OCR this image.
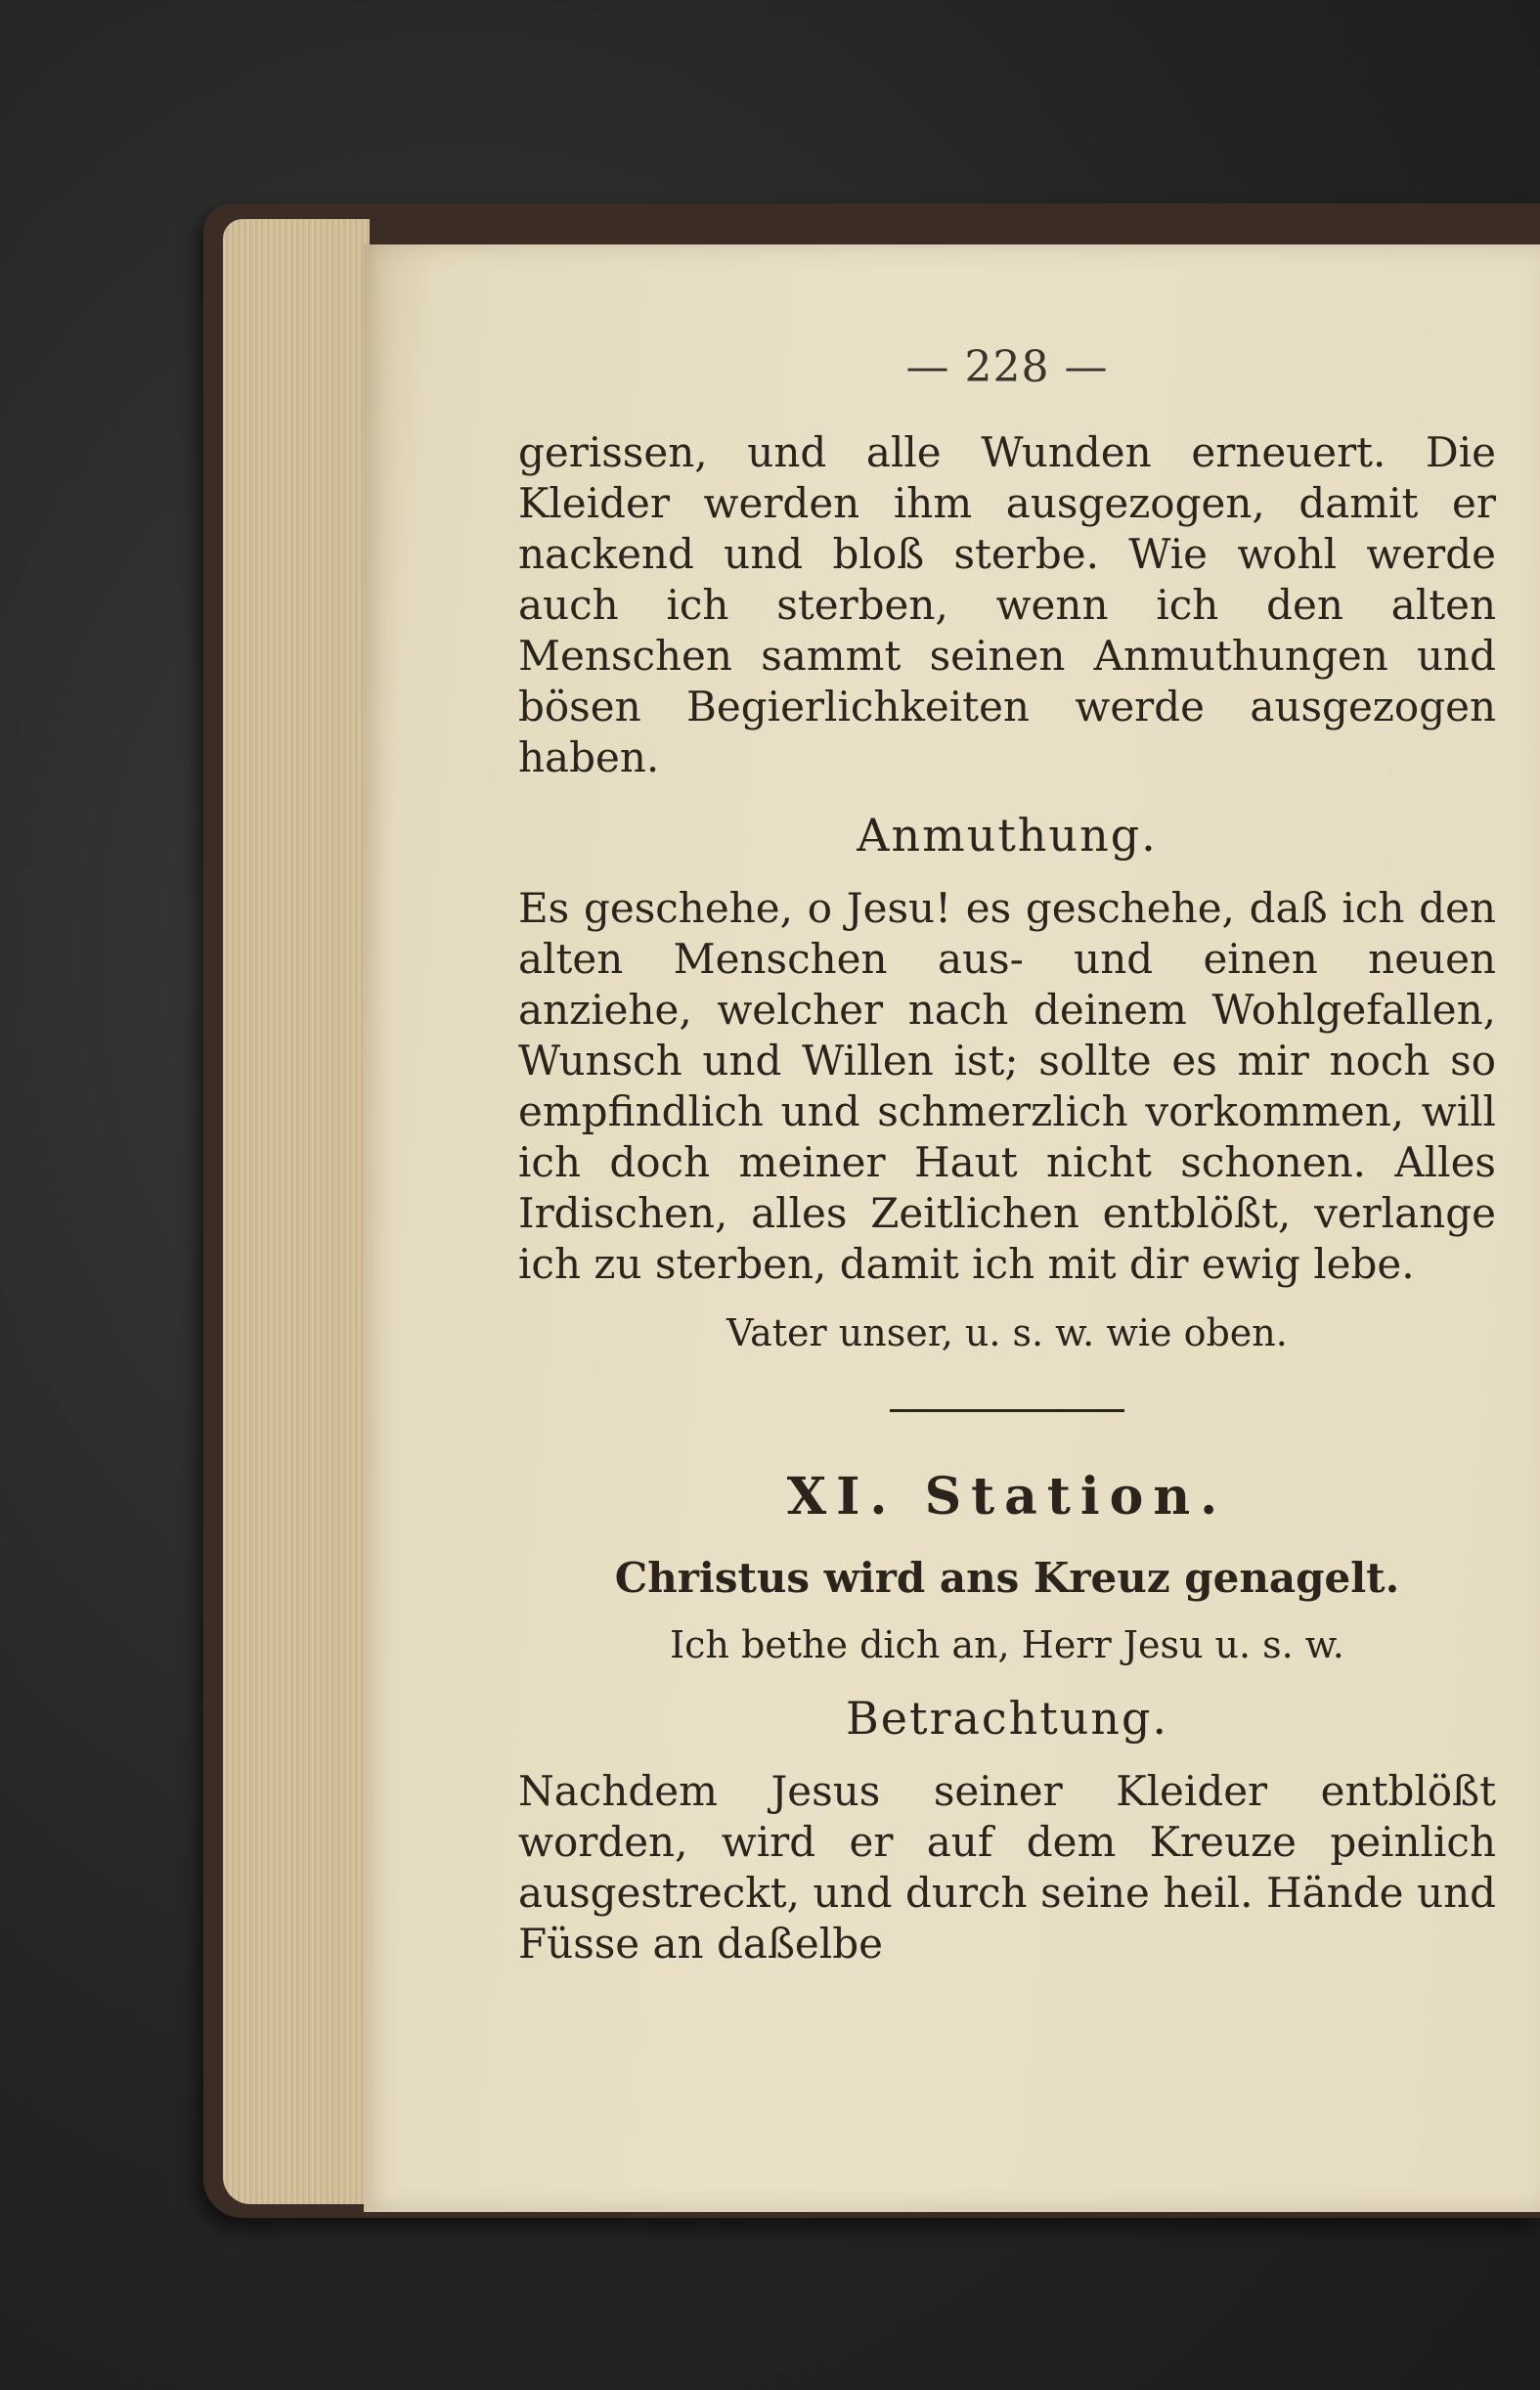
— 228 —

gerissen, und alle Wunden erneuert. Die Kleider werden ihm ausgezogen, damit er nackend und bloß sterbe. Wie wohl werde auch ich sterben, wenn ich den alten Menschen sammt seinen Anmuthungen und bösen Begierlichkeiten werde ausgezogen haben.

Anmuthung.

Es geschehe, o Jesu! es geschehe, daß ich den alten Menschen aus- und einen neuen anziehe, welcher nach deinem Wohlgefallen, Wunsch und Willen ist; sollte es mir noch so empfindlich und schmerzlich vorkommen, will ich doch meiner Haut nicht schonen. Alles Irdischen, alles Zeitlichen entblößt, verlange ich zu sterben, damit ich mit dir ewig lebe.

Vater unser, u. s. w. wie oben.

XI. Station.

Christus wird ans Kreuz genagelt.

Ich bethe dich an, Herr Jesu u. s. w.

Betrachtung.

Nachdem Jesus seiner Kleider entblößt worden, wird er auf dem Kreuze peinlich ausgestreckt, und durch seine heil. Hände und Füsse an daßelbe
